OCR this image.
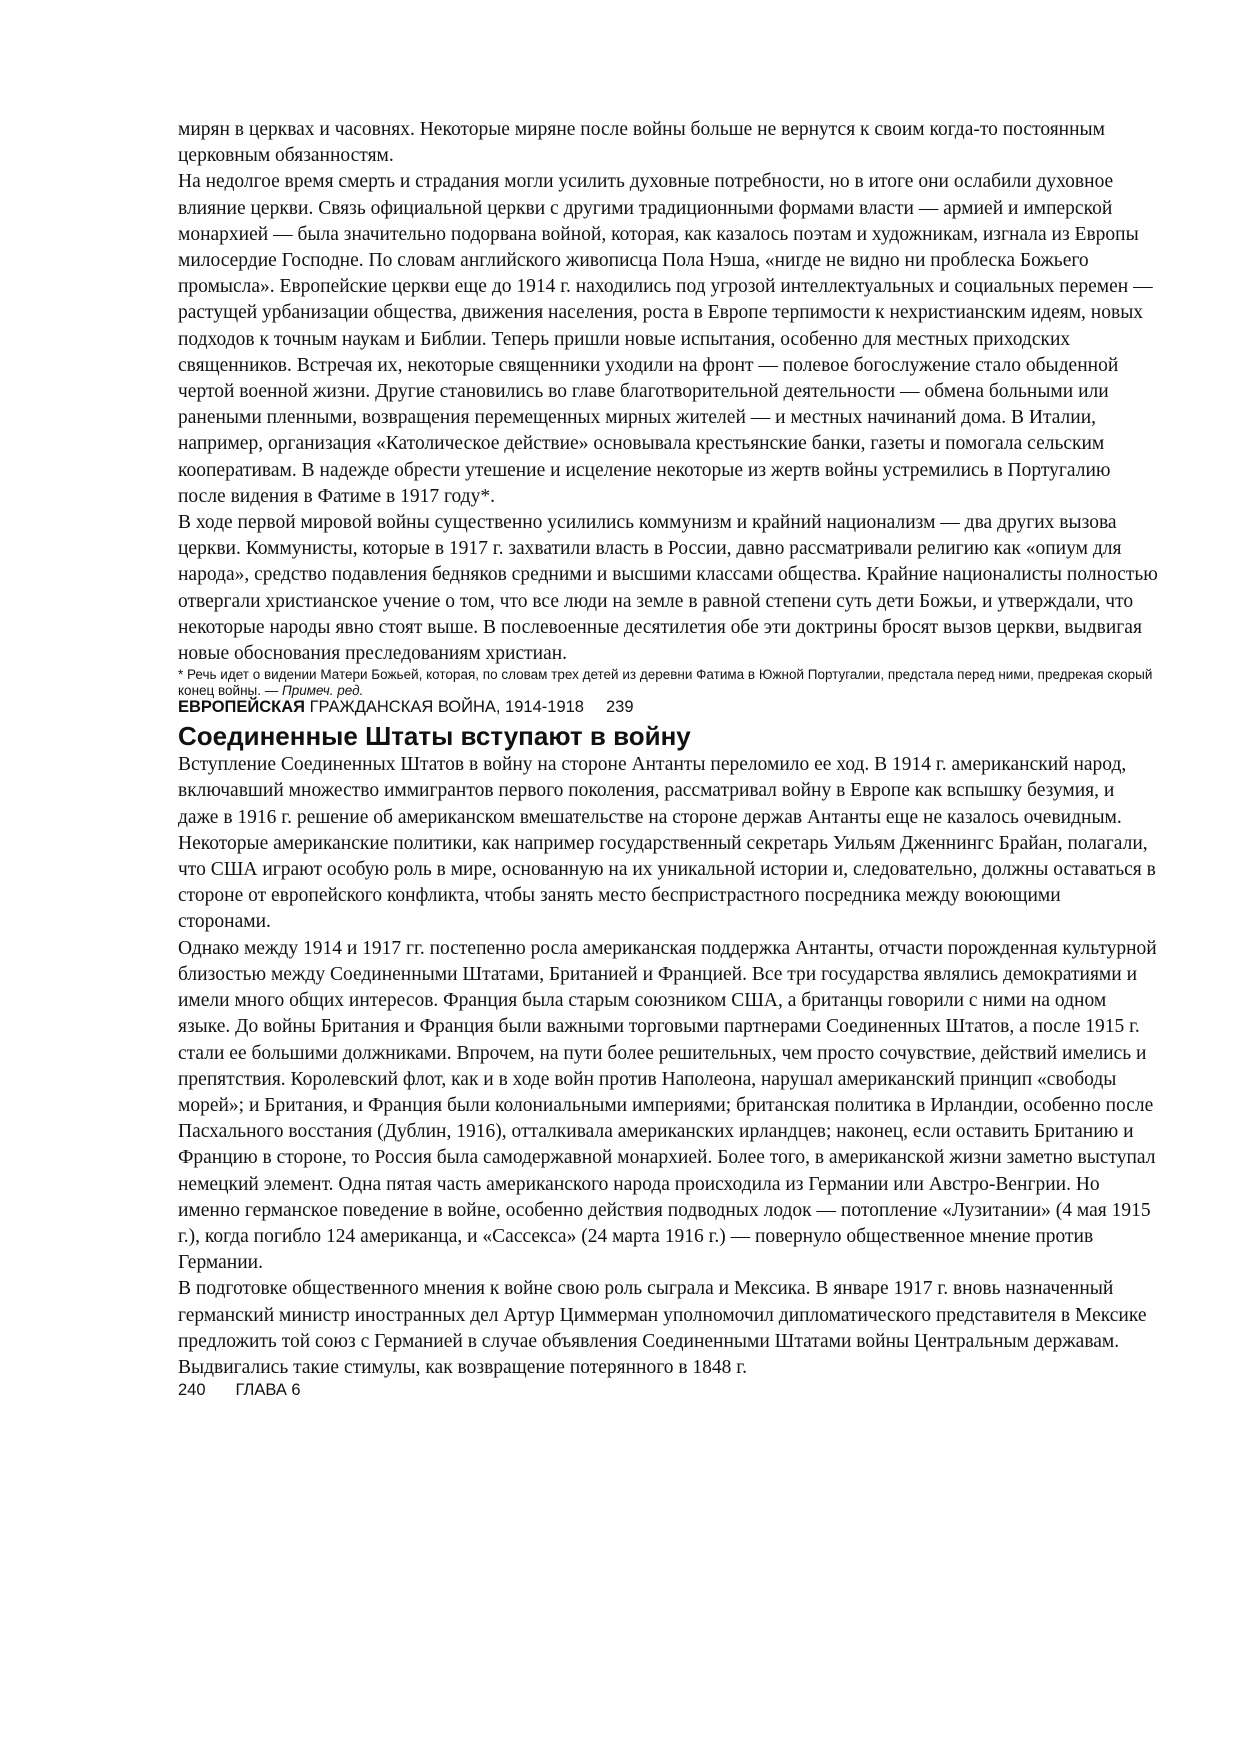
мирян в церквах и часовнях. Некоторые миряне после войны больше не вернутся к своим когда-то постоянным церковным обязанностям.

На недолгое время смерть и страдания могли усилить духовные потребности, но в итоге они ослабили духовное влияние церкви. Связь официальной церкви с другими традиционными формами власти — армией и имперской монархией — была значительно подорвана войной, которая, как казалось поэтам и художникам, изгнала из Европы милосердие Господне. По словам английского живописца Пола Нэша, «нигде не видно ни проблеска Божьего промысла». Европейские церкви еще до 1914 г. находились под угрозой интеллектуальных и социальных перемен — растущей урбанизации общества, движения населения, роста в Европе терпимости к нехристианским идеям, новых подходов к точным наукам и Библии. Теперь пришли новые испытания, особенно для местных приходских священников. Встречая их, некоторые священники уходили на фронт — полевое богослужение стало обыденной чертой военной жизни. Другие становились во главе благотворительной деятельности — обмена больными или ранеными пленными, возвращения перемещенных мирных жителей — и местных начинаний дома. В Италии, например, организация «Католическое действие» основывала крестьянские банки, газеты и помогала сельским кооперативам. В надежде обрести утешение и исцеление некоторые из жертв войны устремились в Португалию после видения в Фатиме в 1917 году*.

В ходе первой мировой войны существенно усилились коммунизм и крайний национализм — два других вызова церкви. Коммунисты, которые в 1917 г. захватили власть в России, давно рассматривали религию как «опиум для народа», средство подавления бедняков средними и высшими классами общества. Крайние националисты полностью отвергали христианское учение о том, что все люди на земле в равной степени суть дети Божьи, и утверждали, что некоторые народы явно стоят выше. В послевоенные десятилетия обе эти доктрины бросят вызов церкви, выдвигая новые обоснования преследованиям христиан.

* Речь идет о видении Матери Божьей, которая, по словам трех детей из деревни Фатима в Южной Португалии, предстала перед ними, предрекая скорый конец войны. — Примеч. ред.

ЕВРОПЕЙСКАЯ ГРАЖДАНСКАЯ ВОЙНА, 1914-1918 239

Соединенные Штаты вступают в войну

Вступление Соединенных Штатов в войну на стороне Антанты переломило ее ход. В 1914 г. американский народ, включавший множество иммигрантов первого поколения, рассматривал войну в Европе как вспышку безумия, и даже в 1916 г. решение об американском вмешательстве на стороне держав Антанты еще не казалось очевидным. Некоторые американские политики, как например государственный секретарь Уильям Дженнингс Брайан, полагали, что США играют особую роль в мире, основанную на их уникальной истории и, следовательно, должны оставаться в стороне от европейского конфликта, чтобы занять место беспристрастного посредника между воюющими

сторонами.

Однако между 1914 и 1917 гг. постепенно росла американская поддержка Антанты, отчасти порожденная культурной близостью между Соединенными Штатами, Британией и Францией. Все три государства являлись демократиями и имели много общих интересов. Франция была старым союзником США, а британцы говорили с ними на одном языке. До войны Британия и Франция были важными торговыми партнерами Соединенных Штатов, а после 1915 г. стали ее большими должниками. Впрочем, на пути более решительных, чем просто сочувствие, действий имелись и препятствия. Королевский флот, как и в ходе войн против Наполеона, нарушал американский принцип «свободы морей»; и Британия, и Франция были колониальными империями; британская политика в Ирландии, особенно после Пасхального восстания (Дублин, 1916), отталкивала американских ирландцев; наконец, если оставить Британию и Францию в стороне, то Россия была самодержавной монархией. Более того, в американской жизни заметно выступал немецкий элемент. Одна пятая часть американского народа происходила из Германии или Австро-Венгрии. Но именно германское поведение в войне, особенно действия подводных лодок — потопление «Лузитании» (4 мая 1915 г.), когда погибло 124 американца, и «Сассекса» (24 марта 1916 г.) — повернуло общественное мнение против Германии.

В подготовке общественного мнения к войне свою роль сыграла и Мексика. В январе 1917 г. вновь назначенный германский министр иностранных дел Артур Циммерман уполномочил дипломатического представителя в Мексике предложить той союз с Германией в случае объявления Соединенными Штатами войны Центральным державам. Выдвигались такие стимулы, как возвращение потерянного в 1848 г.

240 ГЛАВА 6
